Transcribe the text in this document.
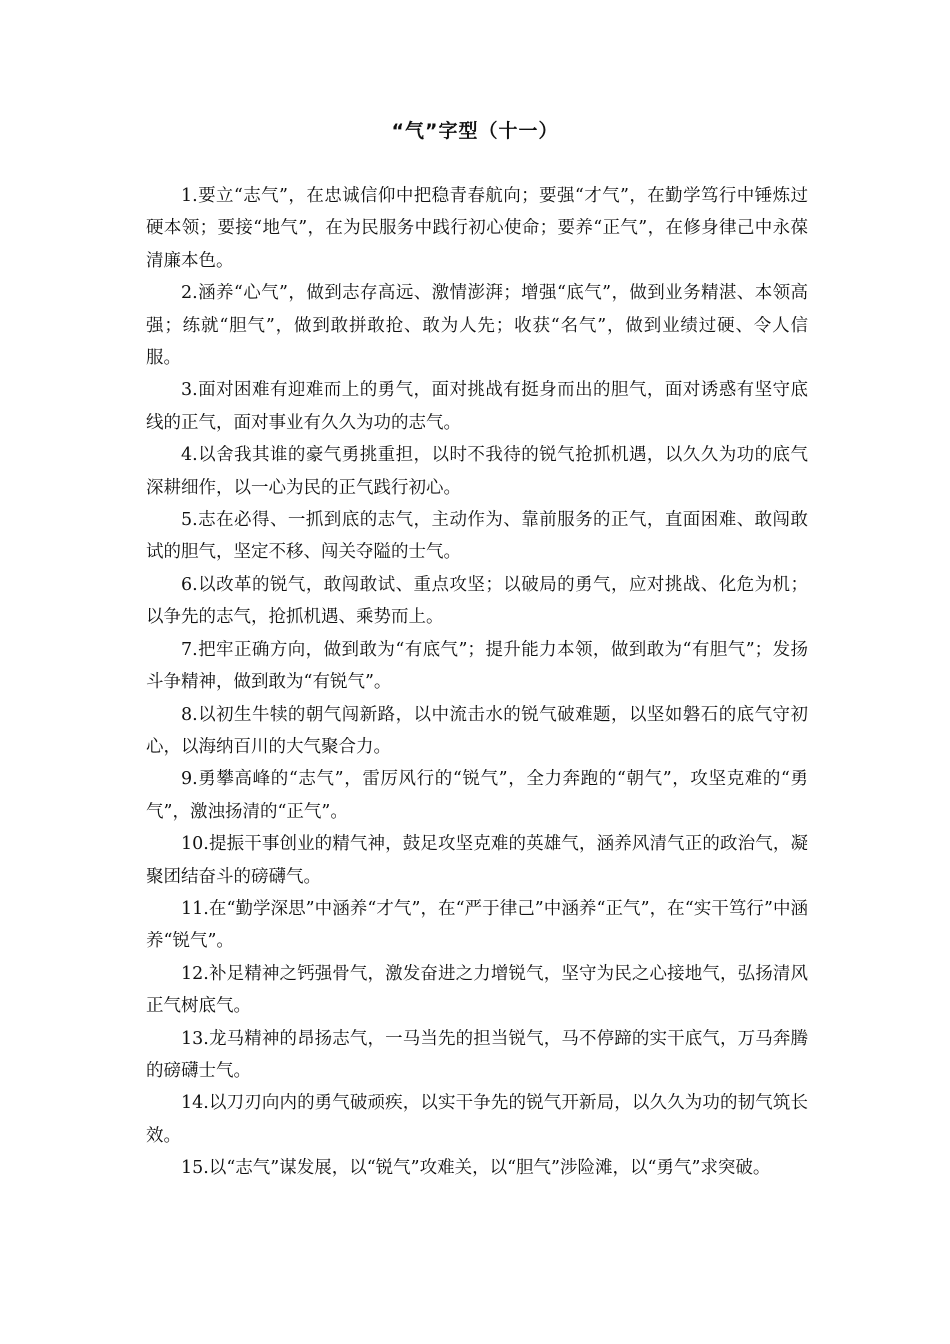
“气”字型（十一）

1.要立“志气”，在忠诚信仰中把稳青春航向；要强“才气”，在勤学笃行中锤炼过硬本领；要接“地气”，在为民服务中践行初心使命；要养“正气”，在修身律己中永葆清廉本色。

2.涵养“心气”，做到志存高远、激情澎湃；增强“底气”，做到业务精湛、本领高强；练就“胆气”，做到敢拼敢抢、敢为人先；收获“名气”，做到业绩过硬、令人信服。

3.面对困难有迎难而上的勇气，面对挑战有挺身而出的胆气，面对诱惑有坚守底线的正气，面对事业有久久为功的志气。

4.以舍我其谁的豪气勇挑重担，以时不我待的锐气抢抓机遇，以久久为功的底气深耕细作，以一心为民的正气践行初心。

5.志在必得、一抓到底的志气，主动作为、靠前服务的正气，直面困难、敢闯敢试的胆气，坚定不移、闯关夺隘的士气。

6.以改革的锐气，敢闯敢试、重点攻坚；以破局的勇气，应对挑战、化危为机；以争先的志气，抢抓机遇、乘势而上。

7.把牢正确方向，做到敢为“有底气”；提升能力本领，做到敢为“有胆气”；发扬斗争精神，做到敢为“有锐气”。

8.以初生牛犊的朝气闯新路，以中流击水的锐气破难题，以坚如磐石的底气守初心，以海纳百川的大气聚合力。

9.勇攀高峰的“志气”，雷厉风行的“锐气”，全力奔跑的“朝气”，攻坚克难的“勇气”，激浊扬清的“正气”。

10.提振干事创业的精气神，鼓足攻坚克难的英雄气，涵养风清气正的政治气，凝聚团结奋斗的磅礴气。

11.在“勤学深思”中涵养“才气”，在“严于律己”中涵养“正气”，在“实干笃行”中涵养“锐气”。

12.补足精神之钙强骨气，激发奋进之力增锐气，坚守为民之心接地气，弘扬清风正气树底气。

13.龙马精神的昂扬志气，一马当先的担当锐气，马不停蹄的实干底气，万马奔腾的磅礴士气。

14.以刀刃向内的勇气破顽疾，以实干争先的锐气开新局，以久久为功的韧气筑长效。

15.以“志气”谋发展，以“锐气”攻难关，以“胆气”涉险滩，以“勇气”求突破。
